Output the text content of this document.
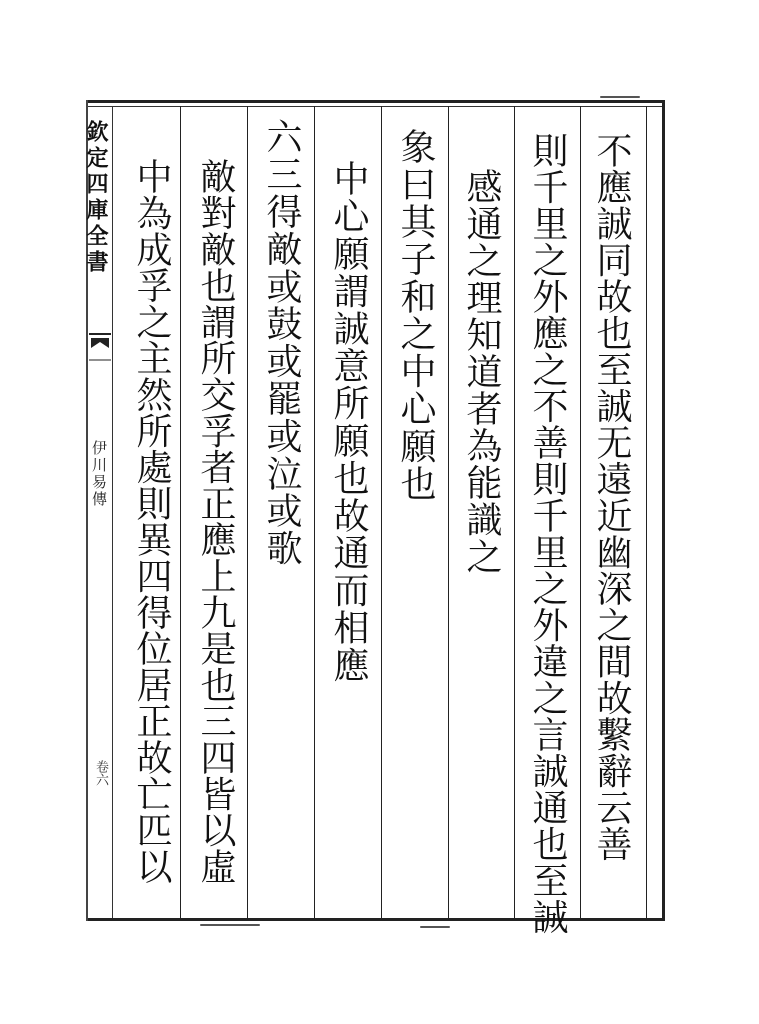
欽定四庫全書
伊川易傳
卷六	不應誠同故也至誠无遠近幽深之間故繫辭云善
則千里之外應之不善則千里之外違之言誠通也至誠
感通之理知道者為能識之
象曰其子和之中心願也
中心願謂誠意所願也故通而相應
六三得敵或鼓或罷或泣或歌
敵對敵也謂所交孚者正應上九是也三四皆以虛
中為成孚之主然所處則異四得位居正故亡匹以
